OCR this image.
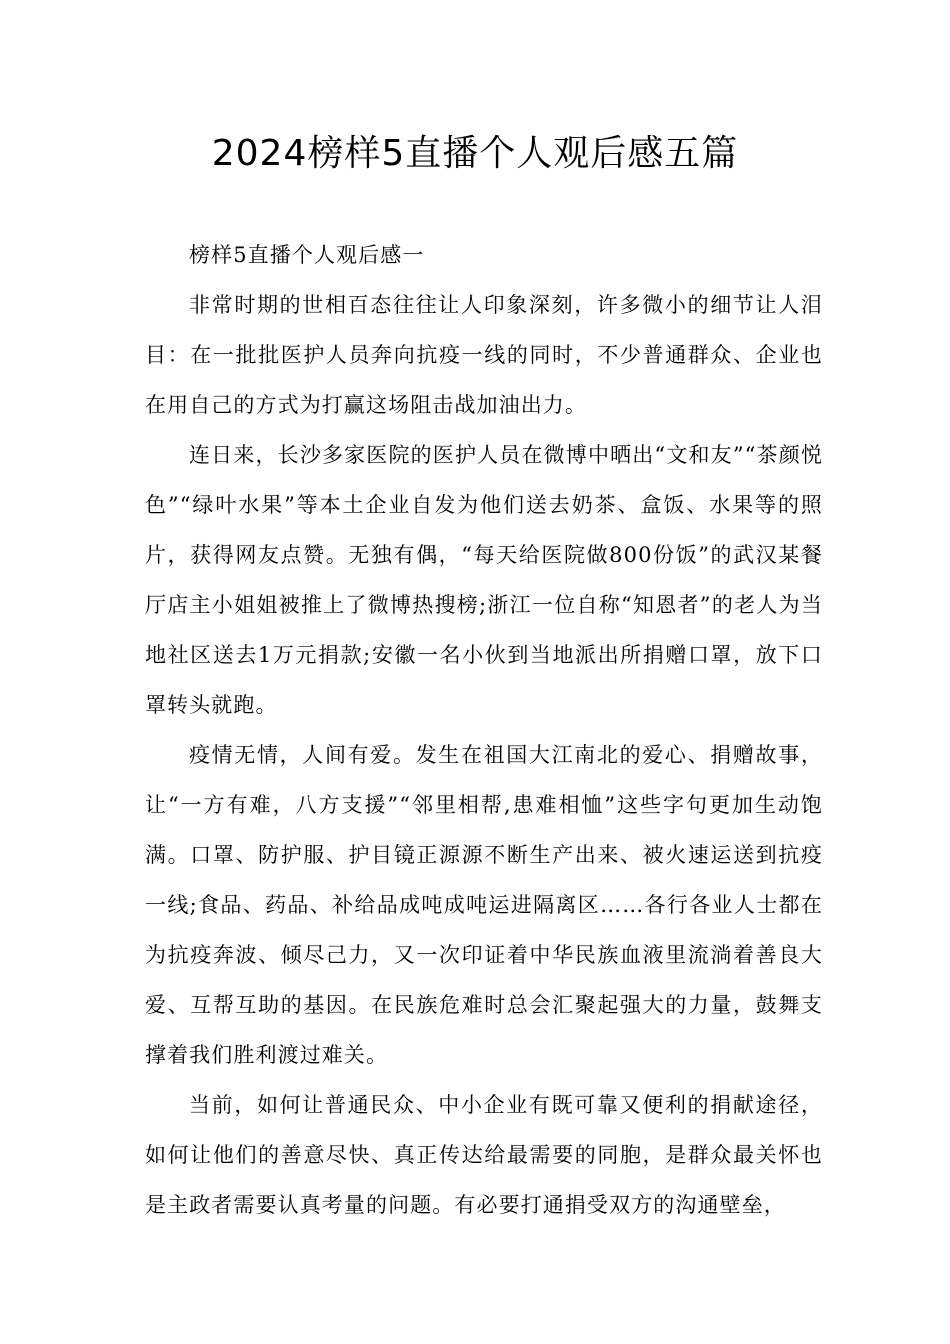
2024榜样5直播个人观后感五篇

榜样5直播个人观后感一

非常时期的世相百态往往让人印象深刻，许多微小的细节让人泪目：在一批批医护人员奔向抗疫一线的同时，不少普通群众、企业也在用自己的方式为打赢这场阻击战加油出力。

连日来，长沙多家医院的医护人员在微博中晒出“文和友”“茶颜悦色”“绿叶水果”等本土企业自发为他们送去奶茶、盒饭、水果等的照片，获得网友点赞。无独有偶，“每天给医院做800份饭”的武汉某餐厅店主小姐姐被推上了微博热搜榜;浙江一位自称“知恩者”的老人为当地社区送去1万元捐款;安徽一名小伙到当地派出所捐赠口罩，放下口罩转头就跑。

疫情无情，人间有爱。发生在祖国大江南北的爱心、捐赠故事，让“一方有难，八方支援”“邻里相帮,患难相恤”这些字句更加生动饱满。口罩、防护服、护目镜正源源不断生产出来、被火速运送到抗疫一线;食品、药品、补给品成吨成吨运进隔离区……各行各业人士都在为抗疫奔波、倾尽己力，又一次印证着中华民族血液里流淌着善良大爱、互帮互助的基因。在民族危难时总会汇聚起强大的力量，鼓舞支撑着我们胜利渡过难关。

当前，如何让普通民众、中小企业有既可靠又便利的捐献途径，如何让他们的善意尽快、真正传达给最需要的同胞，是群众最关怀也是主政者需要认真考量的问题。有必要打通捐受双方的沟通壁垒，
